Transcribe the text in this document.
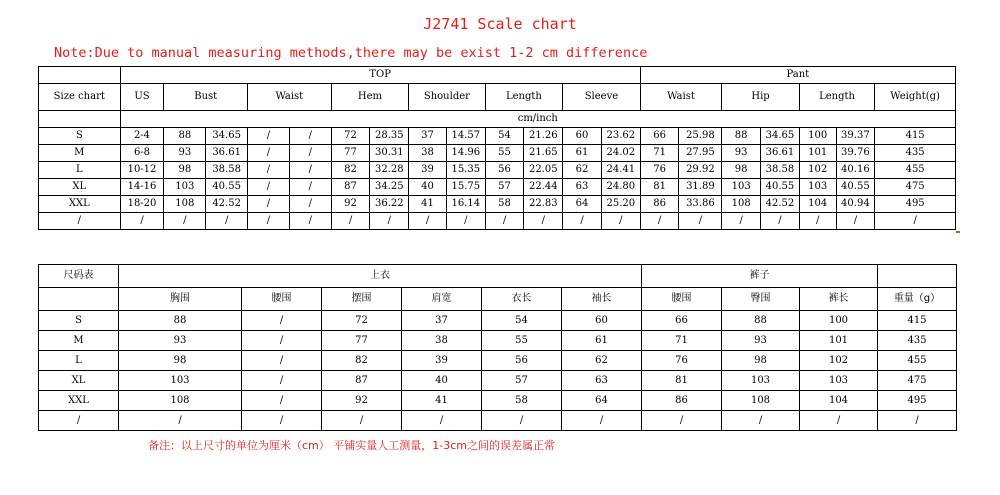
J2741 Scale chart
Note:Due to manual measuring methods,there may be exist 1-2 cm difference
	TOP													Pant						
Size chart	US	Bust		Waist		Hem		Shoulder		Length		Sleeve		Waist		Hip		Length		Weight(g)
	cm/inch																			
S	2-4	88	34.65	/	/	72	28.35	37	14.57	54	21.26	60	23.62	66	25.98	88	34.65	100	39.37	415
M	6-8	93	36.61	/	/	77	30.31	38	14.96	55	21.65	61	24.02	71	27.95	93	36.61	101	39.76	435
L	10-12	98	38.58	/	/	82	32.28	39	15.35	56	22.05	62	24.41	76	29.92	98	38.58	102	40.16	455
XL	14-16	103	40.55	/	/	87	34.25	40	15.75	57	22.44	63	24.80	81	31.89	103	40.55	103	40.55	475
XXL	18-20	108	42.52	/	/	92	36.22	41	16.14	58	22.83	64	25.20	86	33.86	108	42.52	104	40.94	495
/	/	/	/	/	/	/	/	/	/	/	/	/	/	/	/	/	/	/	/	/
尺码表	上衣						裤子			
	胸围	腰围	摆围	肩宽	衣长	袖长	腰围	臀围	裤长	重量（g）
S	88	/	72	37	54	60	66	88	100	415
M	93	/	77	38	55	61	71	93	101	435
L	98	/	82	39	56	62	76	98	102	455
XL	103	/	87	40	57	63	81	103	103	475
XXL	108	/	92	41	58	64	86	108	104	495
/	/	/	/	/	/	/	/	/	/	/
备注：以上尺寸的单位为厘米（cm） 平铺实量人工测量，1-3cm之间的误差属正常
